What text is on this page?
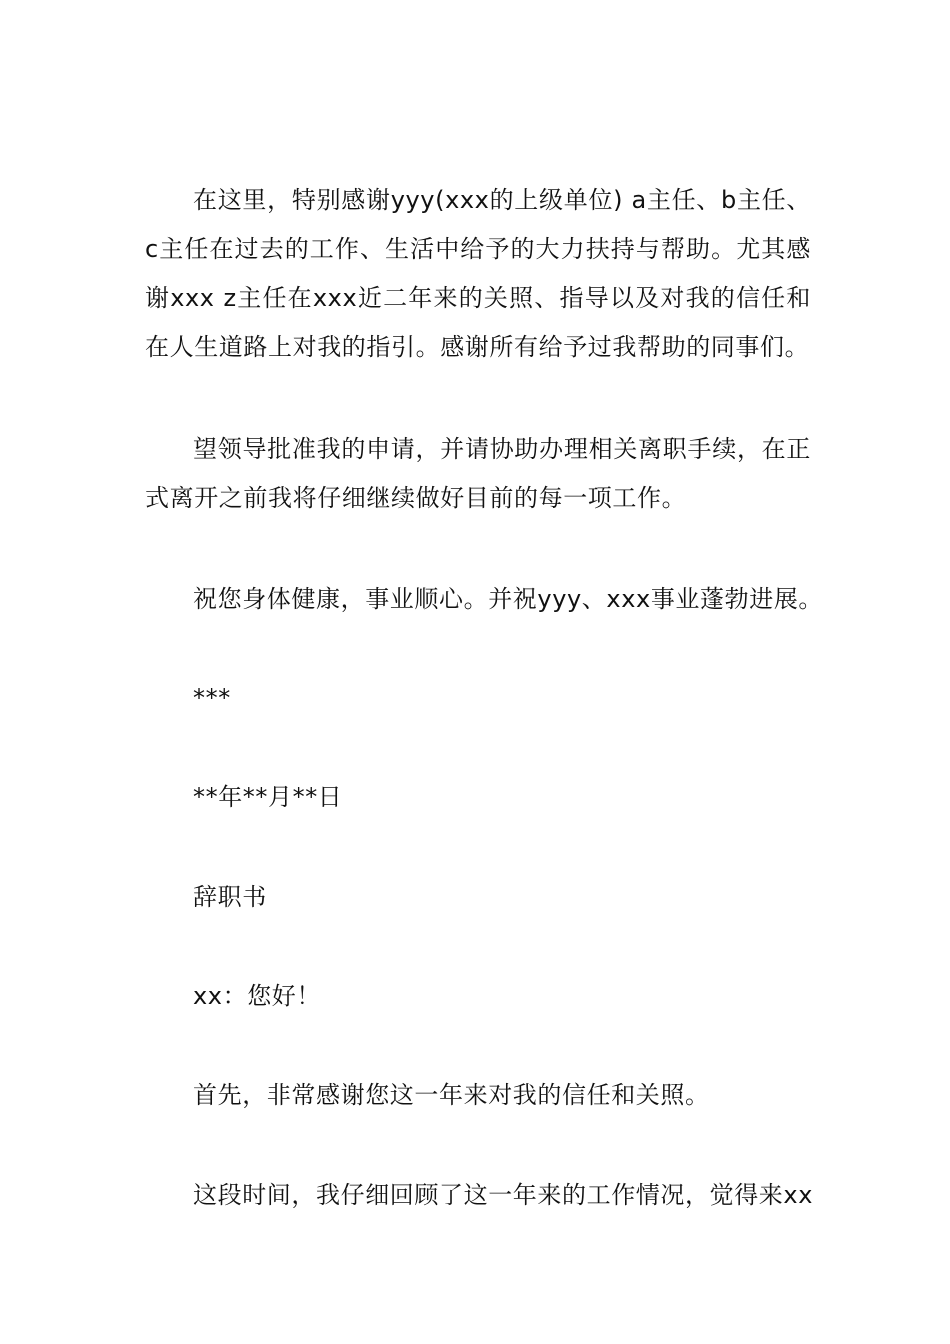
在这里，特别感谢yyy(xxx的上级单位) a主任、b主任、c主任在过去的工作、生活中给予的大力扶持与帮助。尤其感谢xxx z主任在xxx近二年来的关照、指导以及对我的信任和在人生道路上对我的指引。感谢所有给予过我帮助的同事们。

望领导批准我的申请，并请协助办理相关离职手续，在正式离开之前我将仔细继续做好目前的每一项工作。

祝您身体健康，事业顺心。并祝yyy、xxx事业蓬勃进展。

***

**年**月**日

辞职书

xx：您好！

首先，非常感谢您这一年来对我的信任和关照。

这段时间，我仔细回顾了这一年来的工作情况，觉得来xx
